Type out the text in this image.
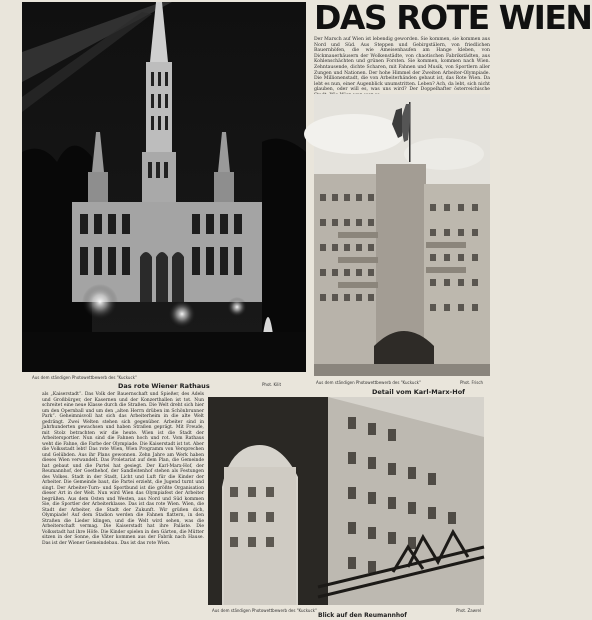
Aus dem ständigen Photowettbewerb des "Kuckuck"
Das rote Wiener Rathaus	Phot. Kilit
DAS ROTE WIEN
Der Marsch auf Wien ist lebendig geworden. Sie kommen, sie kommen aus Nord und Süd. Aus Steppen und Gebirgstälern, von friedlichen Bauernhöfen, die wie Ameisenhaufen am Hange kleben, von Dickmauerhäusern der Wolkenstädte, von chaotischen Fabrikstädten, aus Kohlenschächten und grünen Forsten. Sie kommen, kommen nach Wien. Zehntausende, dichte Scharen, mit Fahnen und Musik, von Sportlern aller Zungen und Nationen. Der hohe Himmel der Zweiten Arbeiter-Olympiade. Die Millionenstadt, die von Arbeiterhänden gebaut ist, das Rote Wien. Da lebt es nun, einer Augenblick unumstritten. Leben? Ach, da lebt, sich nicht glauben, oder will es, was uns wird? Der Doppelhafter österreichische
Aus dem ständigen Photowettbewerb des "Kuckuck"	Phot. Frisch
Detail vom Karl-Marx-Hof
als „Kaiserstadt“. Das Volk der Bauernschaft und Spießer, des Adels und Großbürger, der Kasernen und der Konzerthallen ist tot. Nun schreitet eine neue Klasse durch die Straßen. Die Welt dreht sich hier um den Opernball und um den „alten Herrn drüben im Schönbrunner Park“. Geheimnisvoll hat sich das Arbeiterheim in die alte Welt gedrängt. Zwei Welten stehen sich gegenüber. Arbeiter sind in Jahrhunderten gewachsen und haben Straßen geprägt. Mit Freude, mit Stolz betrachten wir die heute. Wien ist die Stadt der Arbeitersportler. Nun sind die Fahnen hoch und rot. Vom Rathaus weht die Fahne, die Farbe der Olympiade. Die Kaiserstadt ist tot. Aber die Volksstadt lebt! Das rote Wien, Wien Programm von Versprechen und Gelübden. Aus ihr Plans gewonnen. Zehn Jahre am Werk haben dieses Wien verwandelt. Das Proletariat auf dem Plan, die Gemeinde hat gebaut und die Partei hat gesiegt. Der Karl-Marx-Hof, der Reumannhof, der Goethehof, der Sandleitenhof stehen als Festungen des Volkes. Stadt in der Stadt, Licht und Luft für die Kinder der Arbeiter. Die Gemeinde baut, die Partei erzieht, die Jugend turnt und singt. Der Arbeiter-Turn- und Sportbund ist die größte Organisation dieser Art in der Welt. Nun wird Wien das Olympiafest der Arbeiter begrüßen. Aus dem Osten und Westen, aus Nord und Süd kommen Sie, die Sportler der Arbeiterklasse. Das ist das rote Wien. Wien, die Stadt der Arbeiter, die Stadt der Zukunft. Wir grüßen dich, Olympiade! Auf dem Stadion werden die Fahnen flattern, in den Straßen die Lieder klingen, und die Welt wird sehen, was die Arbeiterschaft vermag. Die Kaiserstadt hat ihre Paläste. Die Volksstadt hat ihre Höfe. Die Kinder spielen in den Gärten, die Mütter sitzen in der Sonne, die Väter kommen aus der Fabrik nach Hause. Das ist der Wiener Gemeindebau. Das ist das rote Wien.
Aus dem ständigen Photowettbewerb des "Kuckuck"	Phot. Zawrel
Blick auf den Reumannhof
